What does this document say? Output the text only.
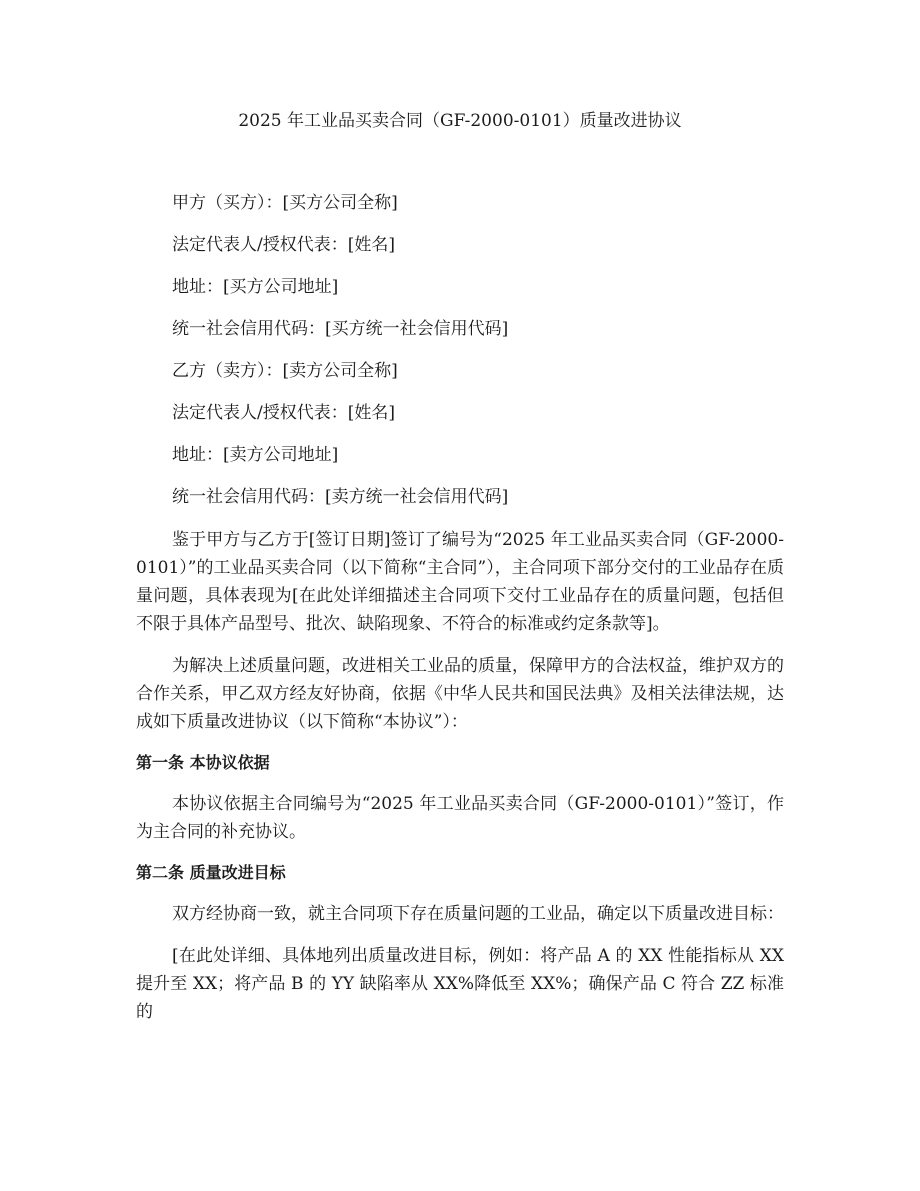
2025 年工业品买卖合同（GF-2000-0101）质量改进协议

甲方（买方）：[买方公司全称]

法定代表人/授权代表：[姓名]

地址：[买方公司地址]

统一社会信用代码：[买方统一社会信用代码]

乙方（卖方）：[卖方公司全称]

法定代表人/授权代表：[姓名]

地址：[卖方公司地址]

统一社会信用代码：[卖方统一社会信用代码]

鉴于甲方与乙方于[签订日期]签订了编号为“2025 年工业品买卖合同（GF-2000-0101）”的工业品买卖合同（以下简称“主合同”），主合同项下部分交付的工业品存在质量问题，具体表现为[在此处详细描述主合同项下交付工业品存在的质量问题，包括但不限于具体产品型号、批次、缺陷现象、不符合的标准或约定条款等]。

为解决上述质量问题，改进相关工业品的质量，保障甲方的合法权益，维护双方的合作关系，甲乙双方经友好协商，依据《中华人民共和国民法典》及相关法律法规，达成如下质量改进协议（以下简称“本协议”）：

第一条 本协议依据

本协议依据主合同编号为“2025 年工业品买卖合同（GF-2000-0101）”签订，作为主合同的补充协议。

第二条 质量改进目标

双方经协商一致，就主合同项下存在质量问题的工业品，确定以下质量改进目标：

[在此处详细、具体地列出质量改进目标，例如：将产品 A 的 XX 性能指标从 XX 提升至 XX；将产品 B 的 YY 缺陷率从 XX%降低至 XX%；确保产品 C 符合 ZZ 标准的
